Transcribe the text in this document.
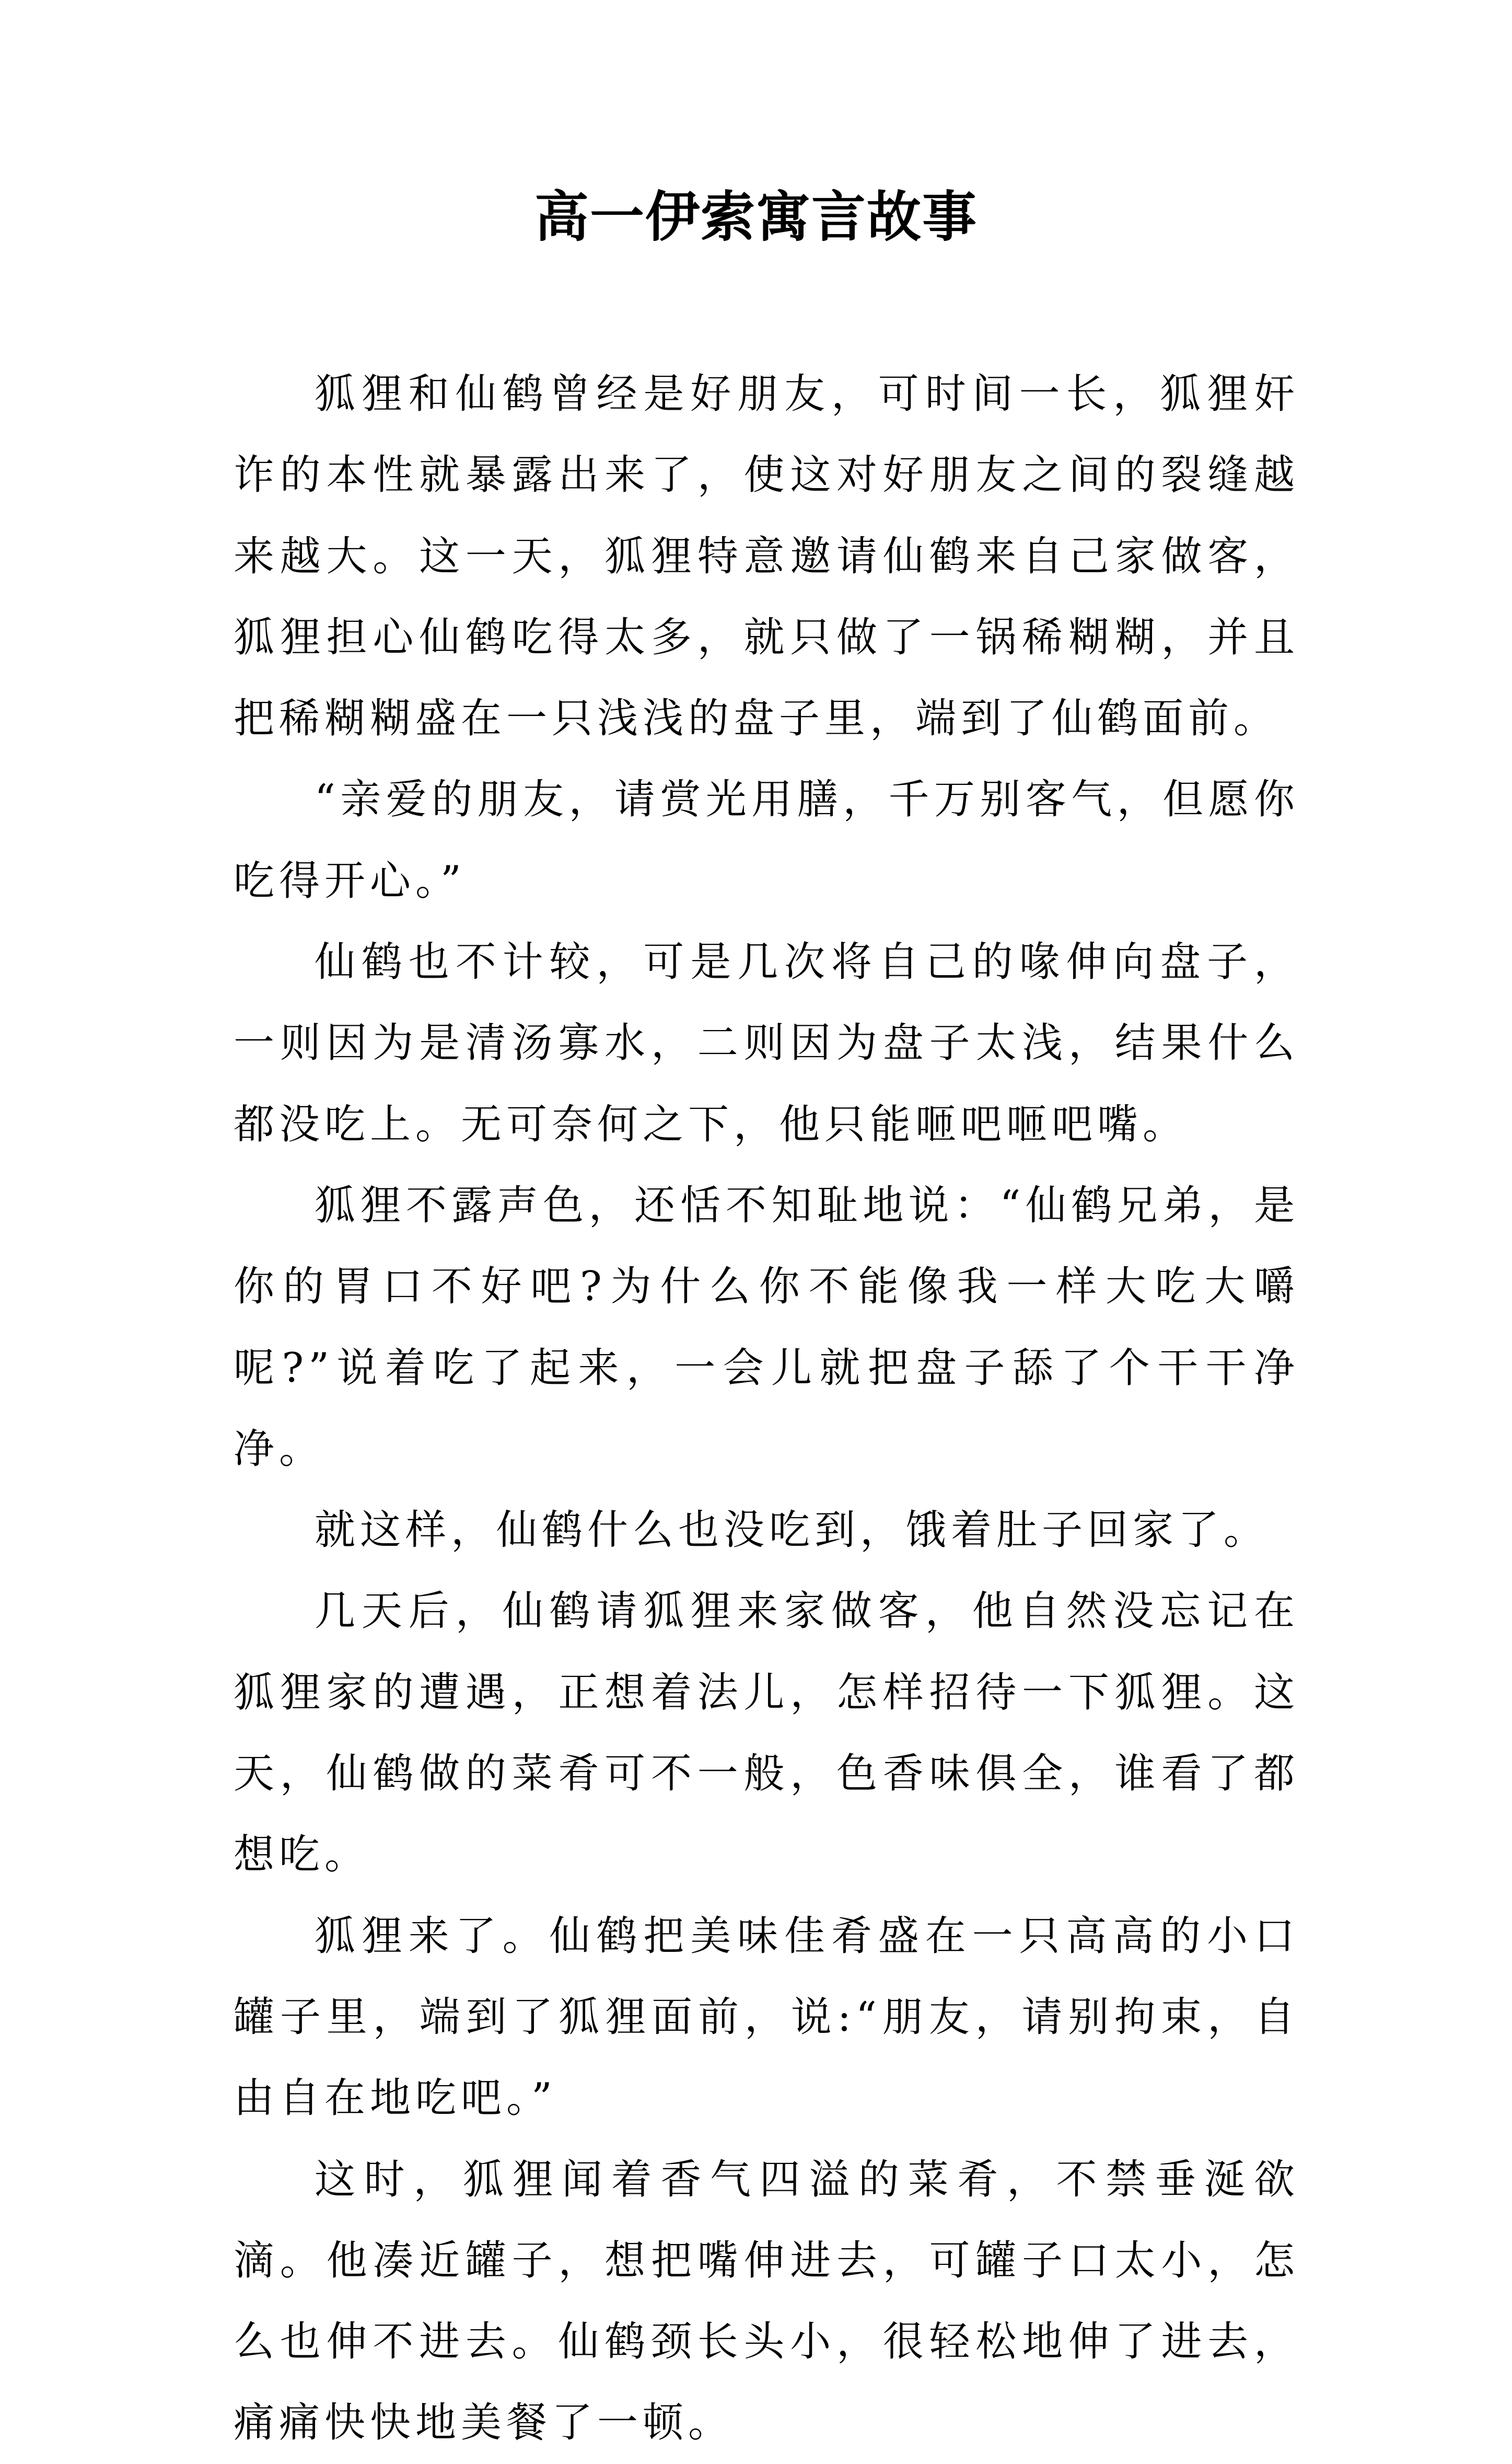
高一伊索寓言故事

狐狸和仙鹤曾经是好朋友，可时间一长，狐狸奸诈的本性就暴露出来了，使这对好朋友之间的裂缝越来越大。这一天，狐狸特意邀请仙鹤来自己家做客，狐狸担心仙鹤吃得太多，就只做了一锅稀糊糊，并且把稀糊糊盛在一只浅浅的盘子里，端到了仙鹤面前。

“亲爱的朋友，请赏光用膳，千万别客气，但愿你吃得开心。”

仙鹤也不计较，可是几次将自己的喙伸向盘子，一则因为是清汤寡水，二则因为盘子太浅，结果什么都没吃上。无可奈何之下，他只能咂吧咂吧嘴。

狐狸不露声色，还恬不知耻地说：“仙鹤兄弟，是你的胃口不好吧?为什么你不能像我一样大吃大嚼呢?”说着吃了起来，一会儿就把盘子舔了个干干净净。

就这样，仙鹤什么也没吃到，饿着肚子回家了。

几天后，仙鹤请狐狸来家做客，他自然没忘记在狐狸家的遭遇，正想着法儿，怎样招待一下狐狸。这天，仙鹤做的菜肴可不一般，色香味俱全，谁看了都想吃。

狐狸来了。仙鹤把美味佳肴盛在一只高高的小口罐子里，端到了狐狸面前，说:“朋友，请别拘束，自由自在地吃吧。”

这时，狐狸闻着香气四溢的菜肴，不禁垂涎欲滴。他凑近罐子，想把嘴伸进去，可罐子口太小，怎么也伸不进去。仙鹤颈长头小，很轻松地伸了进去，痛痛快快地美餐了一顿。
